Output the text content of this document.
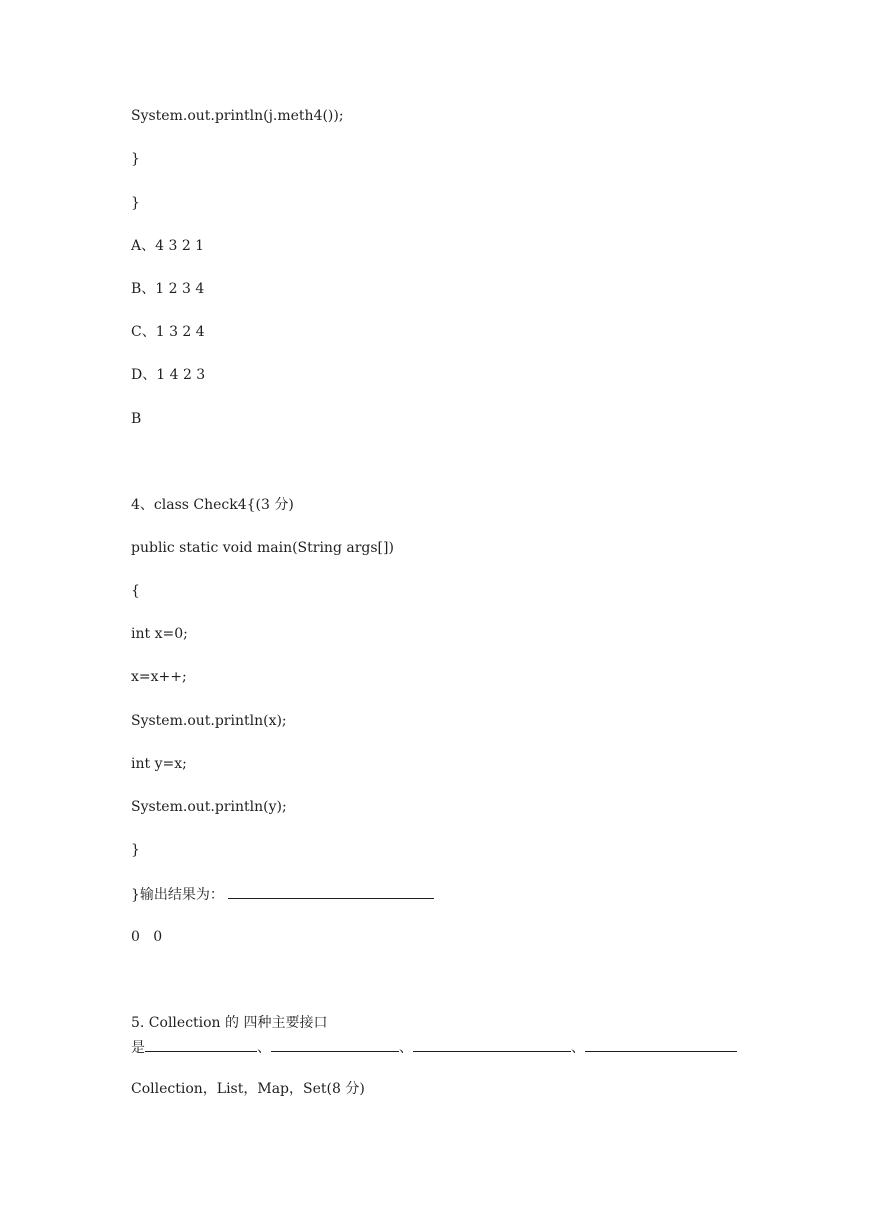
System.out.println(j.meth4());
}
}
A、4 3 2 1
B、1 2 3 4
C、1 3 2 4
D、1 4 2 3
B
4、class Check4{(3 分)
public static void main(String args[])
{
int x=0;
x=x++;
System.out.println(x);
int y=x;
System.out.println(y);
}
}输出结果为：
0   0
5. Collection 的 四种主要接口
是	、	、	、
Collection，List，Map，Set(8 分)
